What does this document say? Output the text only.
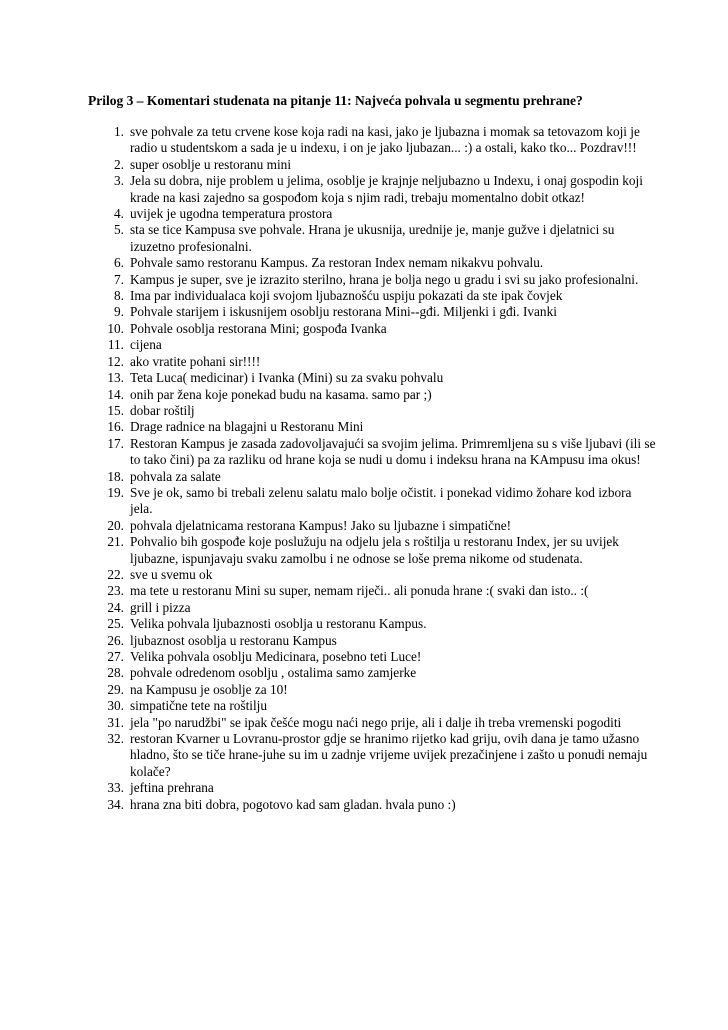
Prilog 3 – Komentari studenata na pitanje 11: Najveća pohvala u segmentu prehrane?
1. sve pohvale za tetu crvene kose koja radi na kasi, jako je ljubazna i momak sa tetovazom koji je radio u studentskom a sada je u indexu, i on je jako ljubazan... :) a ostali, kako tko... Pozdrav!!!
2. super osoblje u restoranu mini
3. Jela su dobra, nije problem u jelima, osoblje je krajnje neljubazno u Indexu, i onaj gospodin koji krade na kasi zajedno sa gospođom koja s njim radi, trebaju momentalno dobit otkaz!
4. uvijek je ugodna temperatura prostora
5. sta se tice Kampusa sve pohvale. Hrana je ukusnija, urednije je, manje gužve i djelatnici su izuzetno profesionalni.
6. Pohvale samo restoranu Kampus. Za restoran Index nemam nikakvu pohvalu.
7. Kampus je super, sve je izrazito sterilno, hrana je bolja nego u gradu i svi su jako profesionalni.
8. Ima par individualaca koji svojom ljubaznošću uspiju pokazati da ste ipak čovjek
9. Pohvale starijem i iskusnijem osoblju restorana Mini--gđi. Miljenki i gđi. Ivanki
10. Pohvale osoblja restorana Mini; gospođa Ivanka
11. cijena
12. ako vratite pohani sir!!!!
13. Teta Luca( medicinar) i Ivanka (Mini) su za svaku pohvalu
14. onih par žena koje ponekad budu na kasama. samo par ;)
15. dobar roštilj
16. Drage radnice na blagajni u Restoranu Mini
17. Restoran Kampus je zasada zadovoljavajući sa svojim jelima. Primremljena su s više ljubavi (ili se to tako čini) pa za razliku od hrane koja se nudi u domu i indeksu hrana na KAmpusu ima okus!
18. pohvala za salate
19. Sve je ok, samo bi trebali zelenu salatu malo bolje očistit. i ponekad vidimo žohare kod izbora jela.
20. pohvala djelatnicama restorana Kampus! Jako su ljubazne i simpatične!
21. Pohvalio bih gospođe koje poslužuju na odjelu jela s roštilja u restoranu Index, jer su uvijek ljubazne, ispunjavaju svaku zamolbu i ne odnose se loše prema nikome od studenata.
22. sve u svemu ok
23. ma tete u restoranu Mini su super, nemam riječi.. ali ponuda hrane :( svaki dan isto.. :(
24. grill i pizza
25. Velika pohvala ljubaznosti osoblja u restoranu Kampus.
26. ljubaznost osoblja u restoranu Kampus
27. Velika pohvala osoblju Medicinara, posebno teti Luce!
28. pohvale odredenom osoblju , ostalima samo zamjerke
29. na Kampusu je osoblje za 10!
30. simpatične tete na roštilju
31. jela "po narudžbi" se ipak češće mogu naći nego prije, ali i dalje ih treba vremenski pogoditi
32. restoran Kvarner u Lovranu-prostor gdje se hranimo rijetko kad griju, ovih dana je tamo užasno hladno, što se tiče hrane-juhe su im u zadnje vrijeme uvijek prezačinjene i zašto u ponudi nemaju kolače?
33. jeftina prehrana
34. hrana zna biti dobra, pogotovo kad sam gladan. hvala puno :)
